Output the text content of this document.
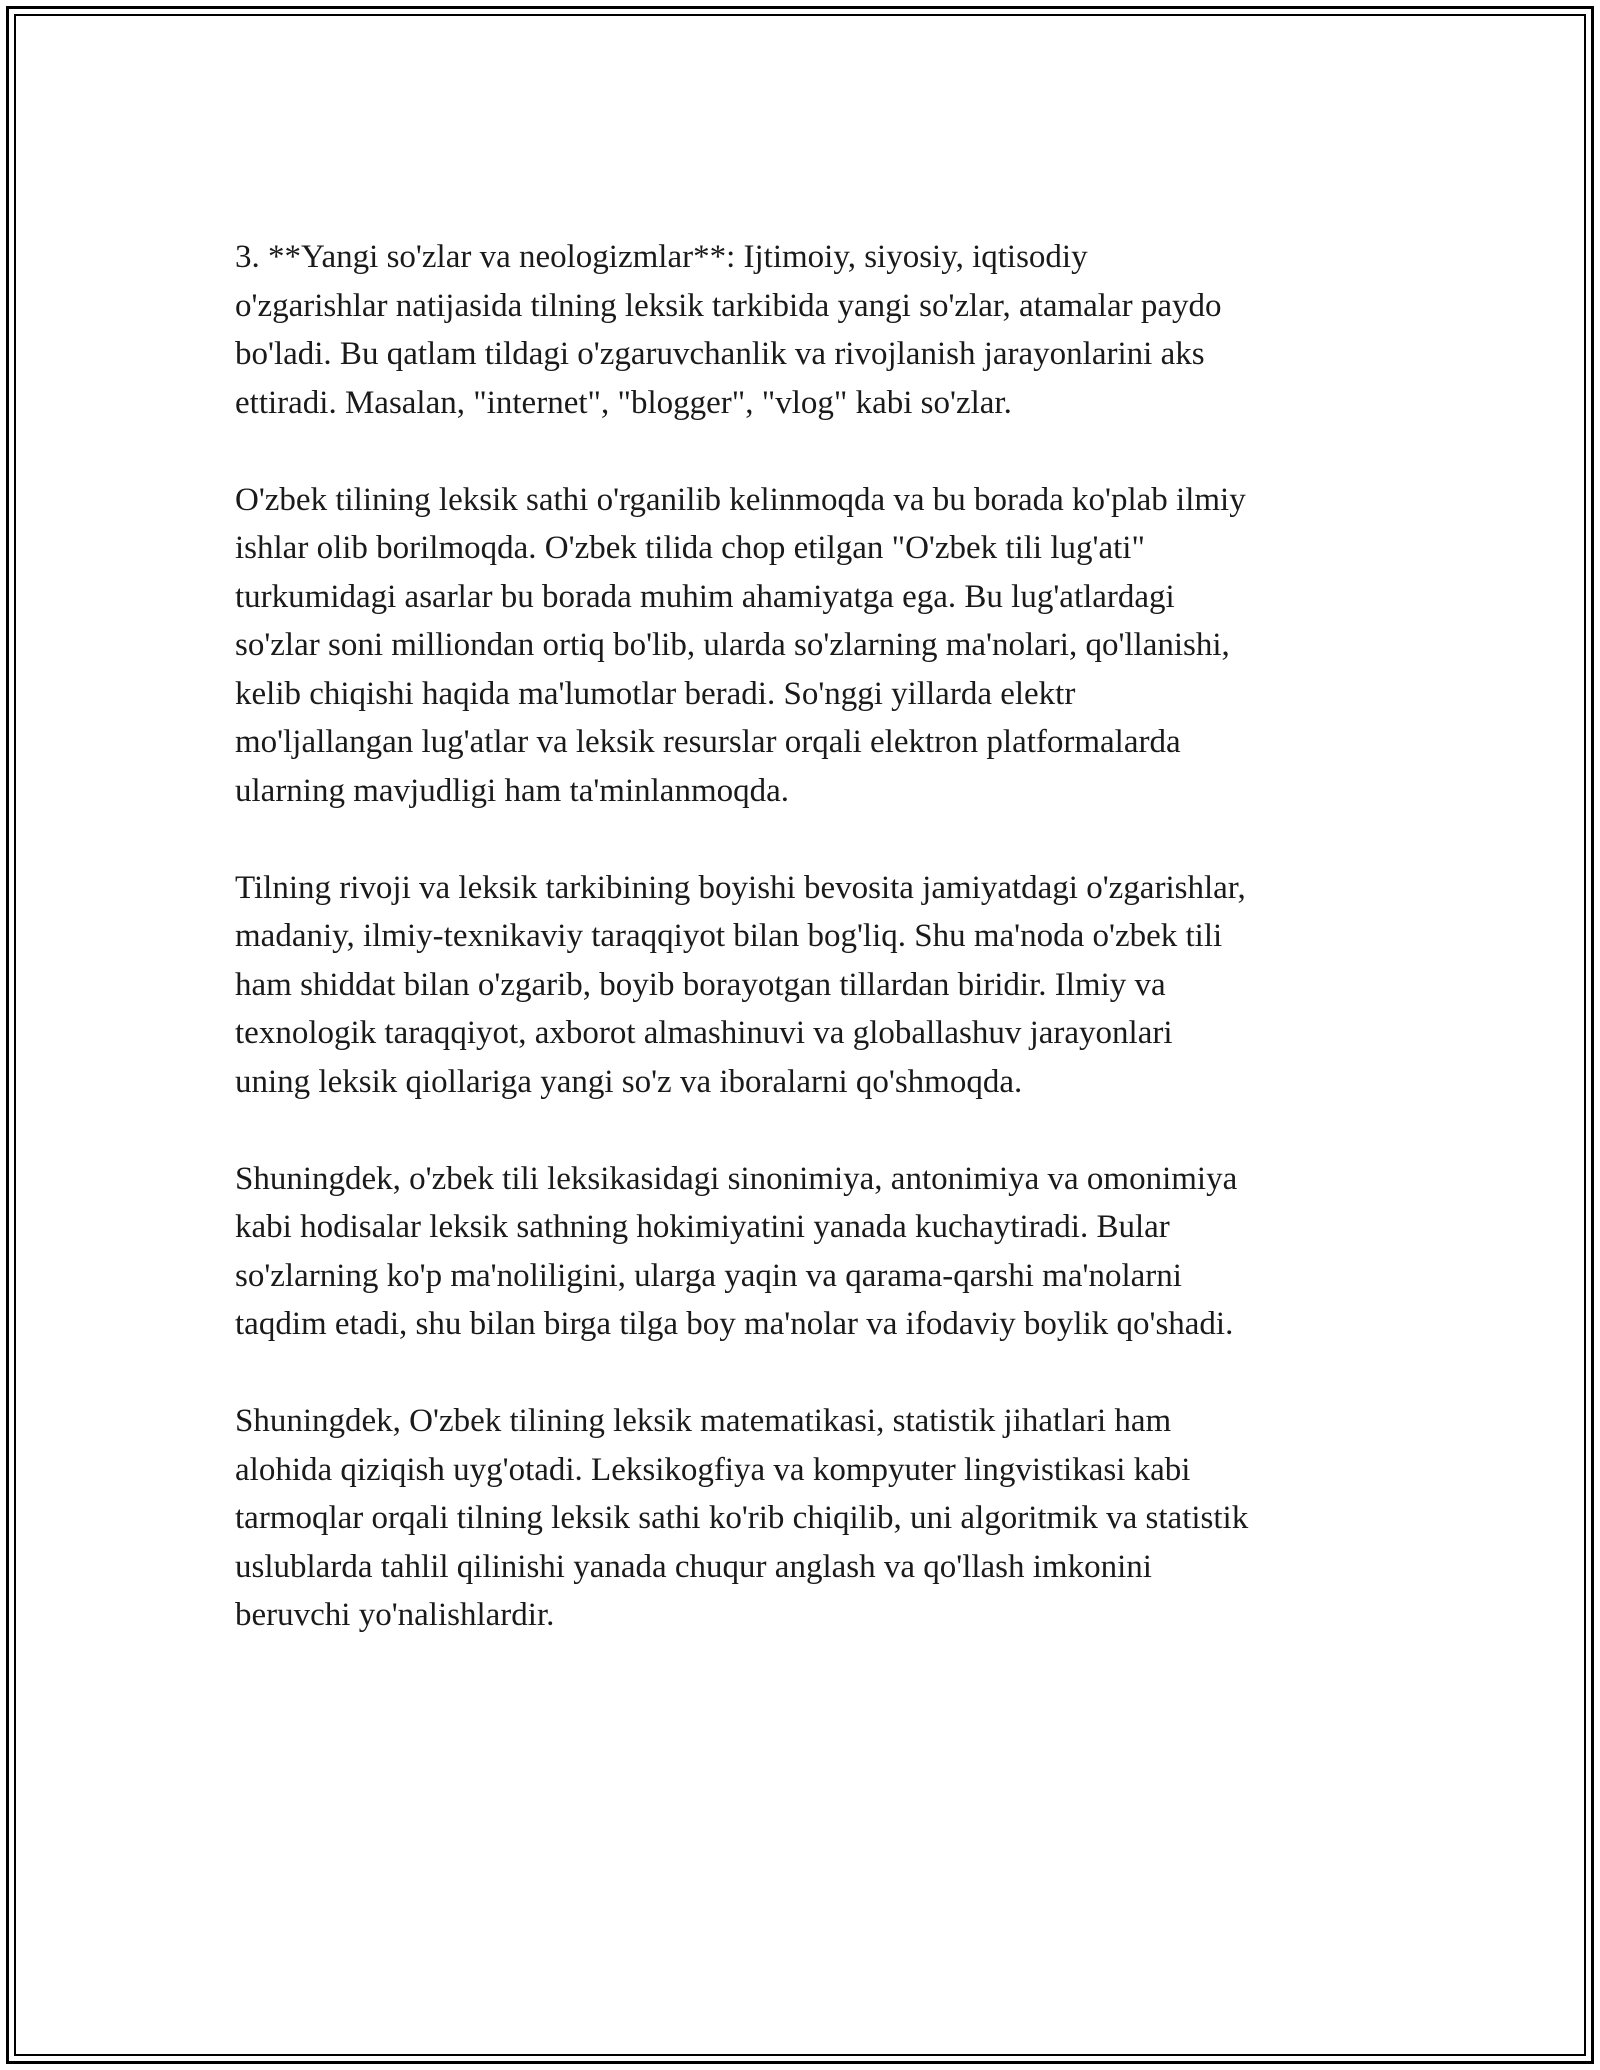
3. **Yangi so'zlar va neologizmlar**: Ijtimoiy, siyosiy, iqtisodiy
o'zgarishlar natijasida tilning leksik tarkibida yangi so'zlar, atamalar paydo
bo'ladi. Bu qatlam tildagi o'zgaruvchanlik va rivojlanish jarayonlarini aks
ettiradi. Masalan, "internet", "blogger", "vlog" kabi so'zlar.

O'zbek tilining leksik sathi o'rganilib kelinmoqda va bu borada ko'plab ilmiy
ishlar olib borilmoqda. O'zbek tilida chop etilgan "O'zbek tili lug'ati"
turkumidagi asarlar bu borada muhim ahamiyatga ega. Bu lug'atlardagi
so'zlar soni milliondan ortiq bo'lib, ularda so'zlarning ma'nolari, qo'llanishi,
kelib chiqishi haqida ma'lumotlar beradi. So'nggi yillarda elektr
mo'ljallangan lug'atlar va leksik resurslar orqali elektron platformalarda
ularning mavjudligi ham ta'minlanmoqda.

Tilning rivoji va leksik tarkibining boyishi bevosita jamiyatdagi o'zgarishlar,
madaniy, ilmiy-texnikaviy taraqqiyot bilan bog'liq. Shu ma'noda o'zbek tili
ham shiddat bilan o'zgarib, boyib borayotgan tillardan biridir. Ilmiy va
texnologik taraqqiyot, axborot almashinuvi va globallashuv jarayonlari
uning leksik qiollariga yangi so'z va iboralarni qo'shmoqda.

Shuningdek, o'zbek tili leksikasidagi sinonimiya, antonimiya va omonimiya
kabi hodisalar leksik sathning hokimiyatini yanada kuchaytiradi. Bular
so'zlarning ko'p ma'noliligini, ularga yaqin va qarama-qarshi ma'nolarni
taqdim etadi, shu bilan birga tilga boy ma'nolar va ifodaviy boylik qo'shadi.

Shuningdek, O'zbek tilining leksik matematikasi, statistik jihatlari ham
alohida qiziqish uyg'otadi. Leksikogfiya va kompyuter lingvistikasi kabi
tarmoqlar orqali tilning leksik sathi ko'rib chiqilib, uni algoritmik va statistik
uslublarda tahlil qilinishi yanada chuqur anglash va qo'llash imkonini
beruvchi yo'nalishlardir.
